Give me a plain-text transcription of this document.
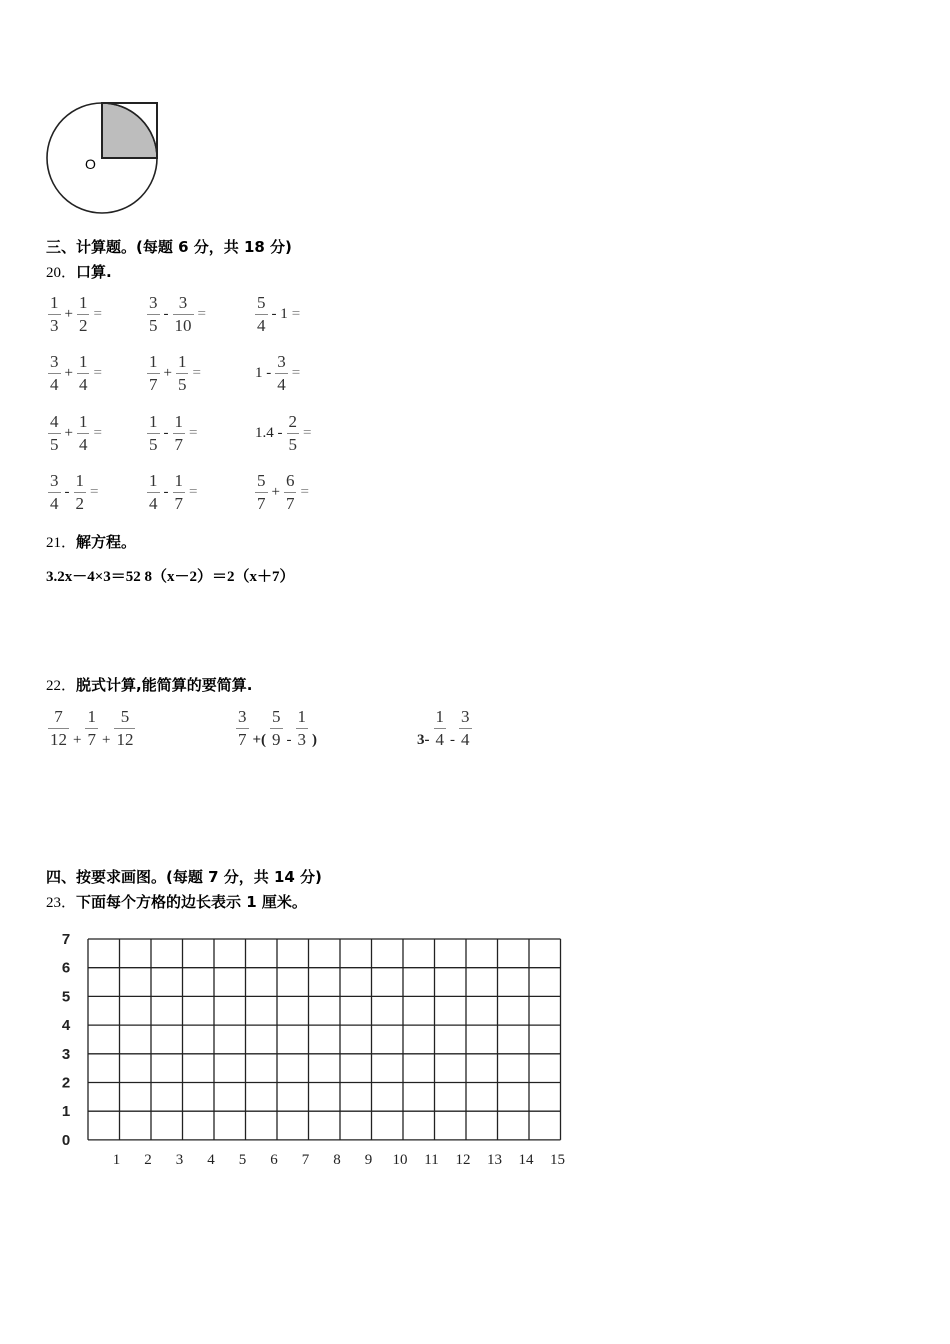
O
三、计算题。(每题 6 分，共 18 分)
20．口算.
$\frac{1}{3} + \frac{1}{2}$ =	$\frac{3}{5} - \frac{3}{10}$ =	$\frac{5}{4} - 1$ =
$\frac{3}{4} + \frac{1}{4}$ =	$\frac{1}{7} + \frac{1}{5}$ =	$1 - \frac{3}{4}$ =
$\frac{4}{5} + \frac{1}{4}$ =	$\frac{1}{5} - \frac{1}{7}$ =	$1.4 - \frac{2}{5}$ =
$\frac{3}{4} - \frac{1}{2}$ =	$\frac{1}{4} - \frac{1}{7}$ =	$\frac{5}{7} + \frac{6}{7}$ =
21．解方程。
3.2x－4×3＝52 8（x－2）＝2（x＋7）
22．脱式计算,能简算的要简算.
$\frac{7}{12} + \frac{1}{7} + \frac{5}{12}$	$\frac{3}{7}$ +( $\frac{5}{9} - \frac{1}{3}$ )	$3- \frac{1}{4} - \frac{3}{4}$
四、按要求画图。(每题 7 分，共 14 分)
23．下面每个方格的边长表示 1 厘米。
7
6
5
4
3
2
1
0
1 2 3 4 5 6 7 8 9 10 11 12 13 14 15
